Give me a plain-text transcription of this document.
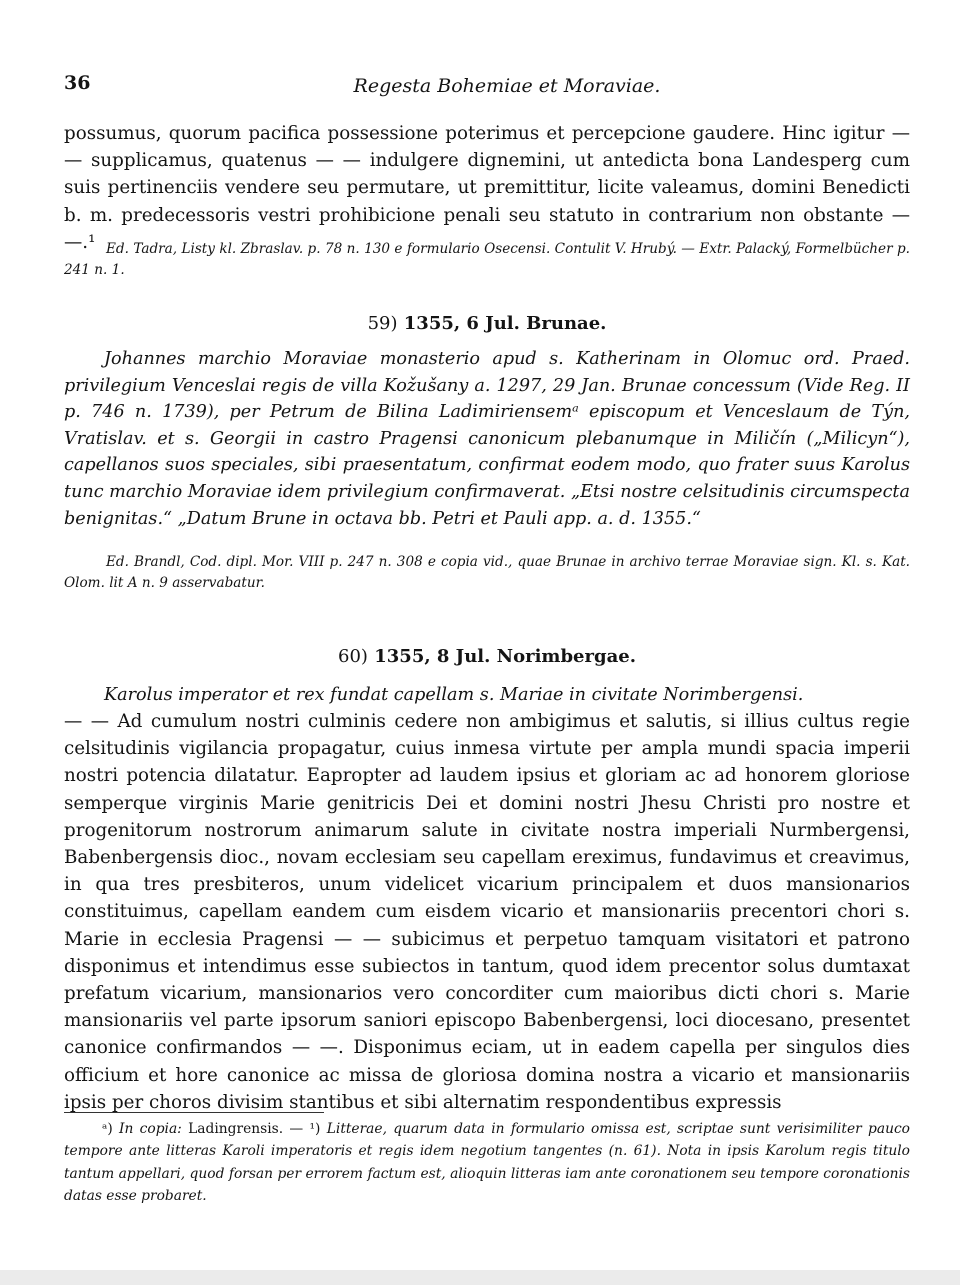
36	Regesta Bohemiae et Moraviae.

possumus, quorum pacifica possessione poterimus et percepcione gaudere. Hinc igitur — — supplicamus, quatenus — — indulgere dignemini, ut antedicta bona Landesperg cum suis pertinenciis vendere seu permutare, ut premittitur, licite valeamus, domini Benedicti b. m. predecessoris vestri prohibicione penali seu statuto in contrarium non obstante — —.¹ Ed. Tadra, Listy kl. Zbraslav. p. 78 n. 130 e formulario Osecensi. Contulit V. Hrubý. — Extr. Palacký, Formelbücher p. 241 n. 1.

59) 1355, 6 Jul. Brunae.

Johannes marchio Moraviae monasterio apud s. Katherinam in Olomuc ord. Praed. privilegium Venceslai regis de villa Kožušany a. 1297, 29 Jan. Brunae concessum (Vide Reg. II p. 746 n. 1739), per Petrum de Bilina Ladimiriensemᵃ episcopum et Venceslaum de Týn, Vratislav. et s. Georgii in castro Pragensi canonicum plebanumque in Miličín („Milicyn“), capellanos suos speciales, sibi praesentatum, confirmat eodem modo, quo frater suus Karolus tunc marchio Moraviae idem privilegium confirmaverat. „Etsi nostre celsitudinis circumspecta benignitas.“ „Datum Brune in octava bb. Petri et Pauli app. a. d. 1355.“

Ed. Brandl, Cod. dipl. Mor. VIII p. 247 n. 308 e copia vid., quae Brunae in archivo terrae Moraviae sign. Kl. s. Kat. Olom. lit A n. 9 asservabatur.

60) 1355, 8 Jul. Norimbergae.

Karolus imperator et rex fundat capellam s. Mariae in civitate Norimbergensi.

— — Ad cumulum nostri culminis cedere non ambigimus et salutis, si illius cultus regie celsitudinis vigilancia propagatur, cuius inmesa virtute per ampla mundi spacia imperii nostri potencia dilatatur. Eapropter ad laudem ipsius et gloriam ac ad honorem gloriose semperque virginis Marie genitricis Dei et domini nostri Jhesu Christi pro nostre et progenitorum nostrorum animarum salute in civitate nostra imperiali Nurmbergensi, Babenbergensis dioc., novam ecclesiam seu capellam ereximus, fundavimus et creavimus, in qua tres presbiteros, unum videlicet vicarium principalem et duos mansionarios constituimus, capellam eandem cum eisdem vicario et mansionariis precentori chori s. Marie in ecclesia Pragensi — — subicimus et perpetuo tamquam visitatori et patrono disponimus et intendimus esse subiectos in tantum, quod idem precentor solus dumtaxat prefatum vicarium, mansionarios vero concorditer cum maioribus dicti chori s. Marie mansionariis vel parte ipsorum saniori episcopo Babenbergensi, loci diocesano, presentet canonice confirmandos — —. Disponimus eciam, ut in eadem capella per singulos dies officium et hore canonice ac missa de gloriosa domina nostra a vicario et mansionariis ipsis per choros divisim stantibus et sibi alternatim respondentibus expressis

ᵃ) In copia: Ladingrensis. — ¹) Litterae, quarum data in formulario omissa est, scriptae sunt verisimiliter pauco tempore ante litteras Karoli imperatoris et regis idem negotium tangentes (n. 61). Nota in ipsis Karolum regis titulo tantum appellari, quod forsan per errorem factum est, alioquin litteras iam ante coronationem seu tempore coronationis datas esse probaret.
